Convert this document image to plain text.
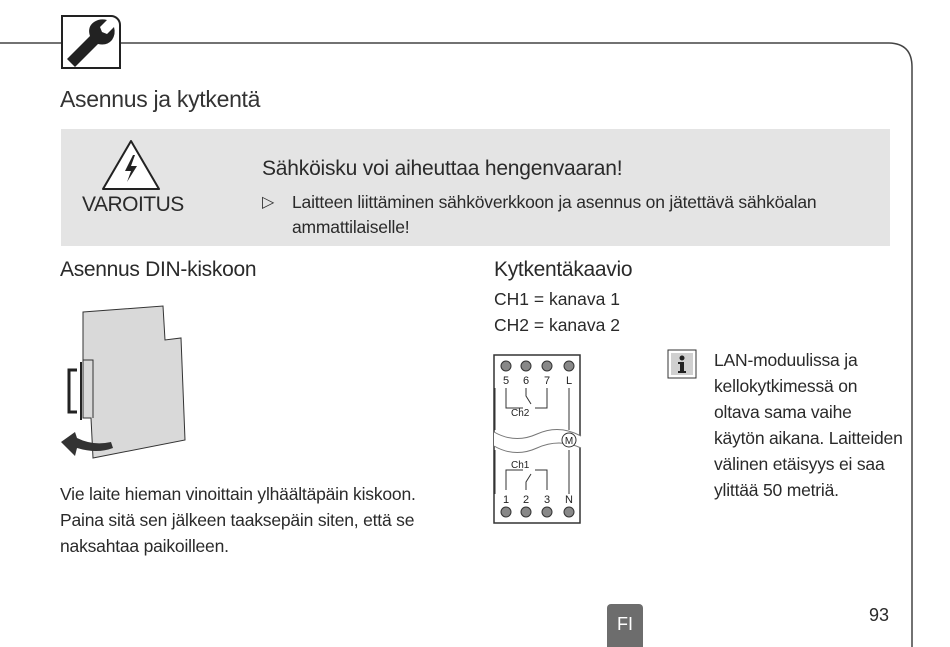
Asennus ja kytkentä
VAROITUS
Sähköisku voi aiheuttaa hengenvaaran!
▷ Laitteen liittäminen sähköverkkoon ja asennus on jätettävä sähköalan ammattilaiselle!
Asennus DIN-kiskoon
Vie laite hieman vinoittain ylhäältäpäin kiskoon. Paina sitä sen jälkeen taaksepäin siten, että se naksahtaa paikoilleen.
Kytkentäkaavio
CH1 = kanava 1
CH2 = kanava 2
5 6 7 L
1 2 3 N
Ch2
Ch1
M
LAN-moduulissa ja kellokytkimessä on oltava sama vaihe käytön aikana. Laitteiden välinen etäisyys ei saa ylittää 50 metriä.
FI	93
